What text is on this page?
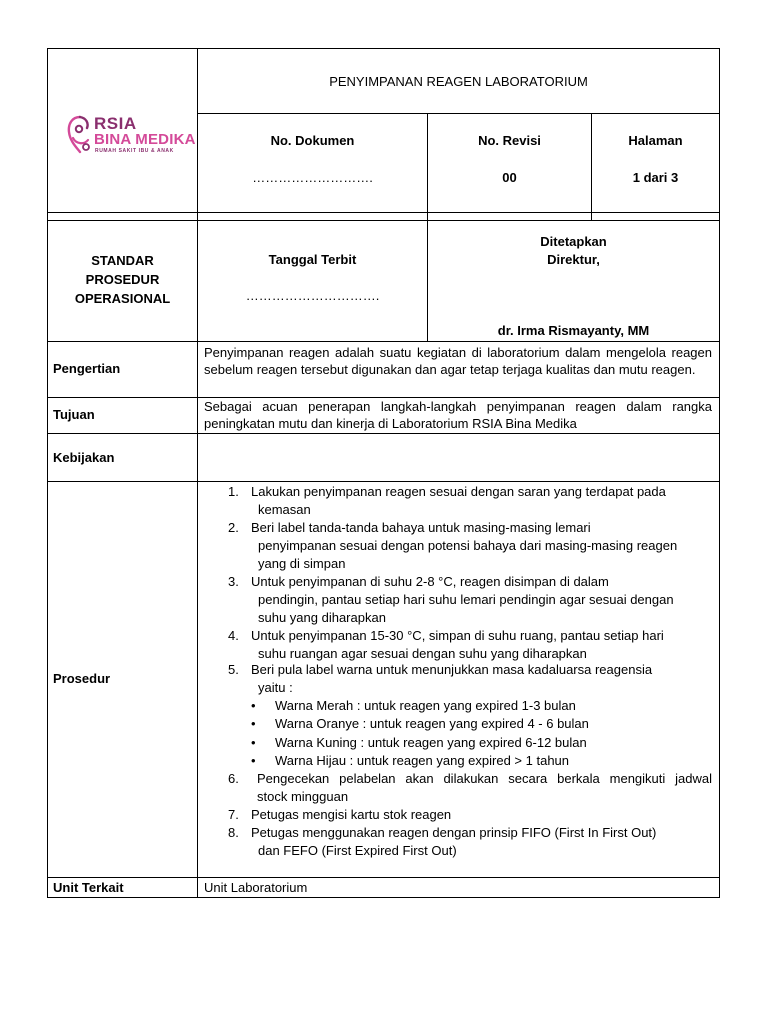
RSIA
BINA MEDIKA
RUMAH SAKIT IBU & ANAK
PENYIMPANAN REAGEN LABORATORIUM
No. Dokumen
……………………….
No. Revisi
00
Halaman
1 dari 3
STANDAR
PROSEDUR
OPERASIONAL
Tanggal Terbit
………………………….
Ditetapkan
Direktur,
dr. Irma Rismayanty, MM
Pengertian
Penyimpanan reagen adalah suatu kegiatan di laboratorium dalam mengelola reagen sebelum reagen tersebut digunakan dan agar tetap terjaga kualitas dan mutu reagen.
Tujuan
Sebagai acuan penerapan langkah-langkah penyimpanan reagen dalam rangka peningkatan mutu dan kinerja di Laboratorium RSIA Bina Medika
Kebijakan
Prosedur
1. Lakukan penyimpanan reagen sesuai dengan saran yang terdapat pada
kemasan
2. Beri label tanda-tanda bahaya untuk masing-masing lemari
penyimpanan sesuai dengan potensi bahaya dari masing-masing reagen
yang di simpan
3. Untuk penyimpanan di suhu 2-8 °C, reagen disimpan di dalam
pendingin, pantau setiap hari suhu lemari pendingin agar sesuai dengan
suhu yang diharapkan
4. Untuk penyimpanan 15-30 °C, simpan di suhu ruang, pantau setiap hari
suhu ruangan agar sesuai dengan suhu yang diharapkan
5. Beri pula label warna untuk menunjukkan masa kadaluarsa reagensia
yaitu :
• Warna Merah : untuk reagen yang expired 1-3 bulan
• Warna Oranye : untuk reagen yang expired 4 - 6 bulan
• Warna Kuning : untuk reagen yang expired 6-12 bulan
• Warna Hijau : untuk reagen yang expired > 1 tahun
6. Pengecekan pelabelan akan dilakukan secara berkala mengikuti jadwal
stock mingguan
7. Petugas mengisi kartu stok reagen
8. Petugas menggunakan reagen dengan prinsip FIFO (First In First Out)
dan FEFO (First Expired First Out)
Unit Terkait	Unit Laboratorium
